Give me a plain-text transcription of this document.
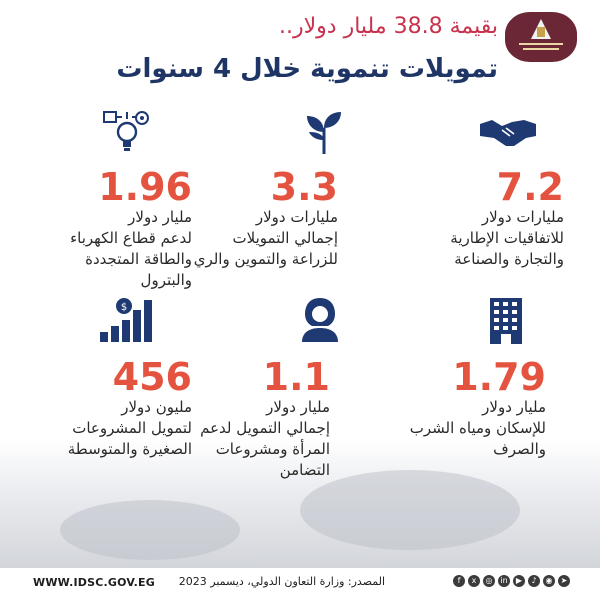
بقيمة 38.8 مليار دولار..
تمويلات تنموية خلال 4 سنوات
7.2
مليارات دولار
للاتفاقيات الإطارية
والتجارة والصناعة
3.3
مليارات دولار
إجمالي التمويلات
للزراعة والتموين والري
1.96
مليار دولار
لدعم قطاع الكهرباء
والطاقة المتجددة
والبترول
1.79
مليار دولار
للإسكان ومياه الشرب
والصرف
1.1
مليار دولار
إجمالي التمويل لدعم
المرأة ومشروعات
التضامن
$
456
مليون دولار
لتمويل المشروعات
الصغيرة والمتوسطة
WWW.IDSC.GOV.EG المصدر: وزارة التعاون الدولي، ديسمبر 2023	f	x	◎ in	▶	♪	◉	➤
